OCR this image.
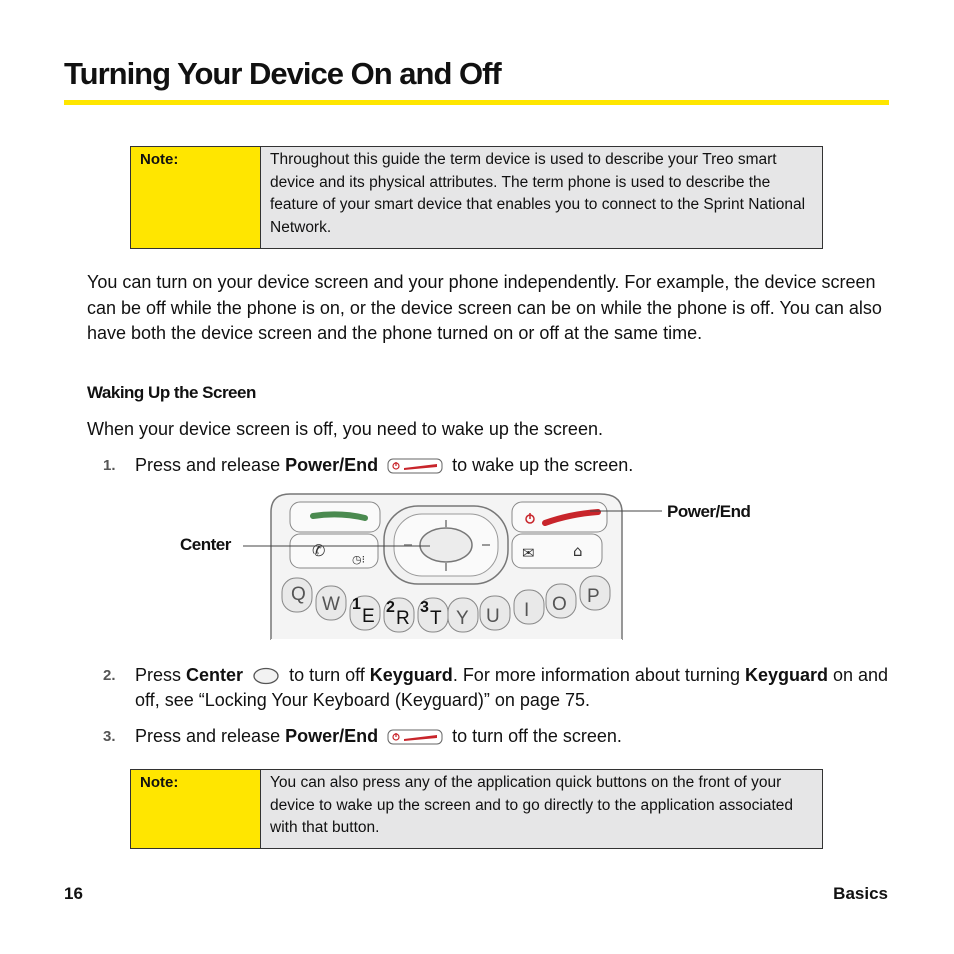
Turning Your Device On and Off
Note:	Throughout this guide the term device is used to describe your Treo smart device and its physical attributes. The term phone is used to describe the feature of your smart device that enables you to connect to the Sprint National Network.

You can turn on your device screen and your phone independently. For example, the device screen can be off while the phone is on, or the device screen can be on while the phone is off. You can also have both the device screen and the phone turned on or off at the same time.

Waking Up the Screen

When your device screen is off, you need to wake up the screen.

1. Press and release Power/End	to wake up the screen.
✆ ◷⁝	✉	⌂
Q W 1
E 2
R
3
T Y U I O P
Center
Power/End
2. Press Center	to turn off Keyguard. For more information about turning Keyguard on and off, see “Locking Your Keyboard (Keyguard)” on page 75.
3. Press and release Power/End	to turn off the screen.
Note:	You can also press any of the application quick buttons on the front of your device to wake up the screen and to go directly to the application associated with that button.
16	Basics
